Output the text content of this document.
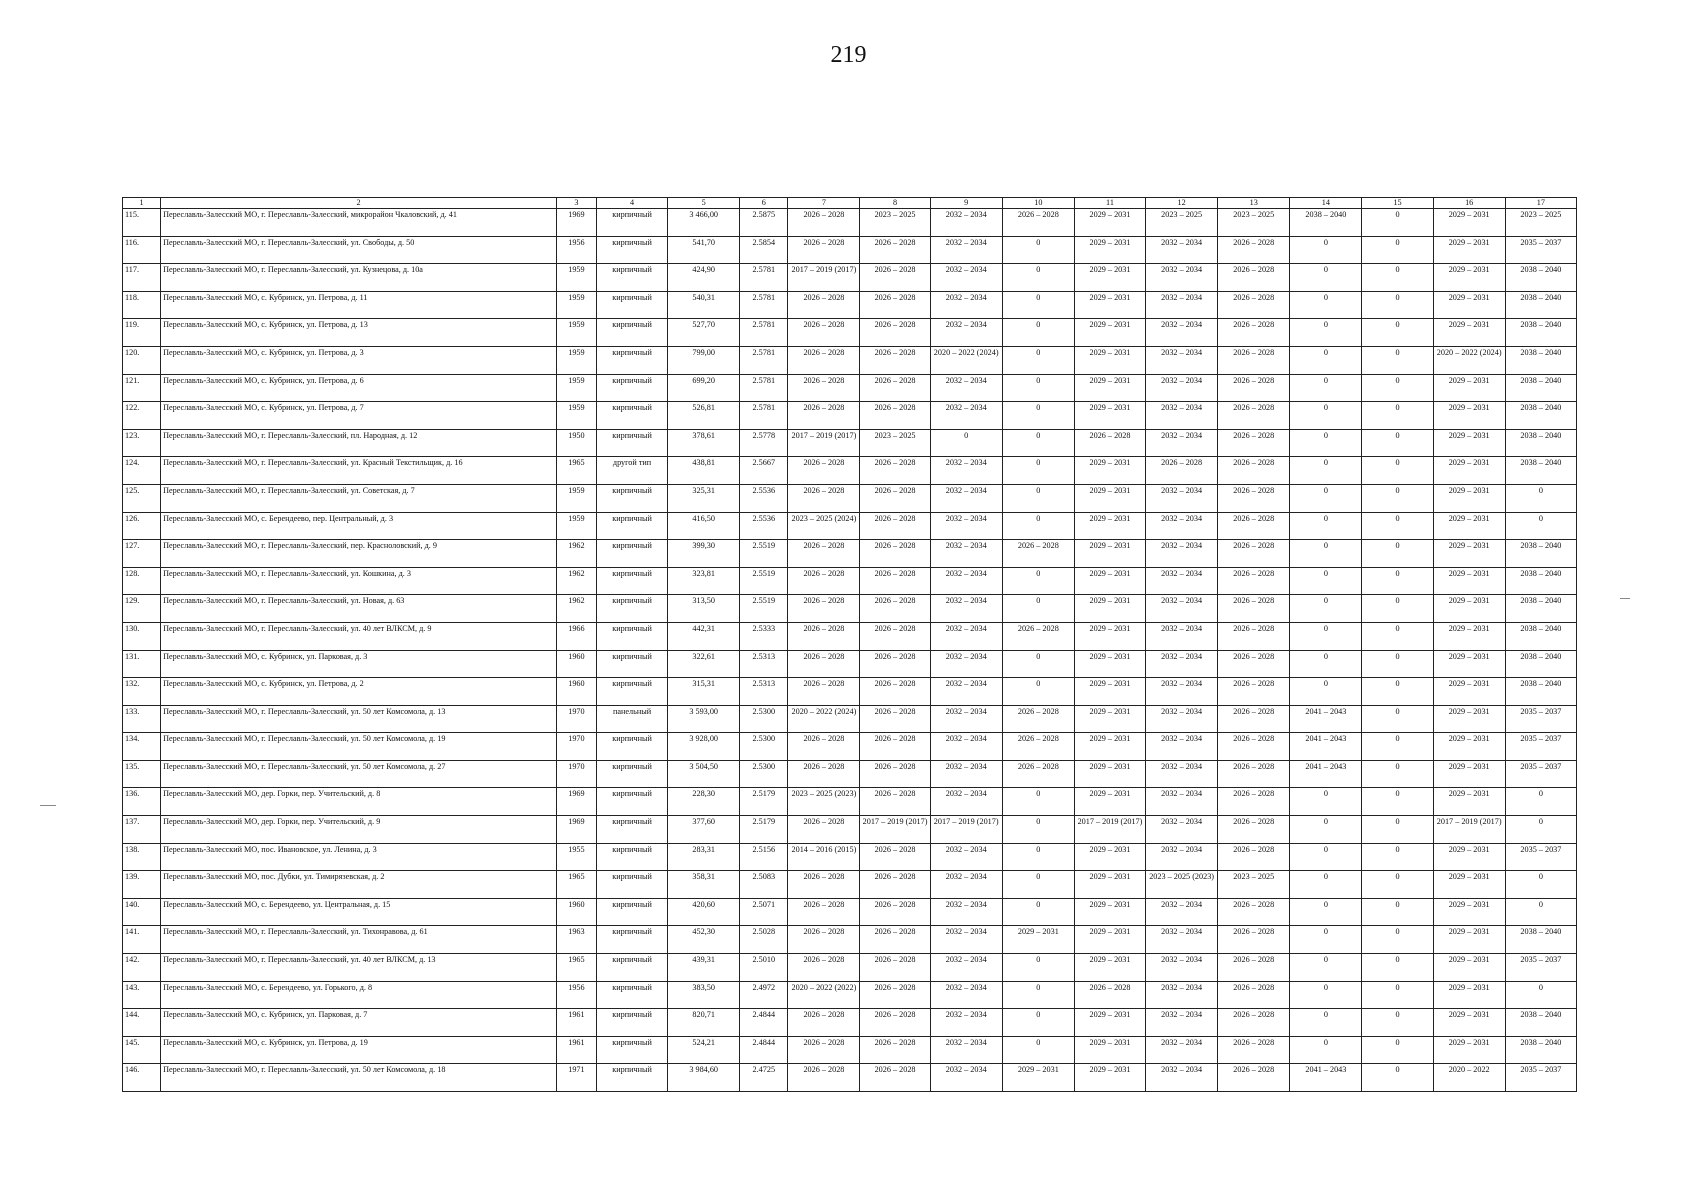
219
1	2	3	4	5	6	7	8	9	10	11	12	13	14	15	16	17
115.	Переславль-Залесский МО, г. Переславль-Залесский, микрорайон Чкаловский, д. 41	1969	кирпичный	3 466,00	2.5875	2026 – 2028	2023 – 2025	2032 – 2034	2026 – 2028	2029 – 2031	2023 – 2025	2023 – 2025	2038 – 2040	0	2029 – 2031	2023 – 2025
116.	Переславль-Залесский МО, г. Переславль-Залесский, ул. Свободы, д. 50	1956	кирпичный	541,70	2.5854	2026 – 2028	2026 – 2028	2032 – 2034	0	2029 – 2031	2032 – 2034	2026 – 2028	0	0	2029 – 2031	2035 – 2037
117.	Переславль-Залесский МО, г. Переславль-Залесский, ул. Кузнецова, д. 10а	1959	кирпичный	424,90	2.5781	2017 – 2019 (2017)	2026 – 2028	2032 – 2034	0	2029 – 2031	2032 – 2034	2026 – 2028	0	0	2029 – 2031	2038 – 2040
118.	Переславль-Залесский МО, с. Кубринск, ул. Петрова, д. 11	1959	кирпичный	540,31	2.5781	2026 – 2028	2026 – 2028	2032 – 2034	0	2029 – 2031	2032 – 2034	2026 – 2028	0	0	2029 – 2031	2038 – 2040
119.	Переславль-Залесский МО, с. Кубринск, ул. Петрова, д. 13	1959	кирпичный	527,70	2.5781	2026 – 2028	2026 – 2028	2032 – 2034	0	2029 – 2031	2032 – 2034	2026 – 2028	0	0	2029 – 2031	2038 – 2040
120.	Переславль-Залесский МО, с. Кубринск, ул. Петрова, д. 3	1959	кирпичный	799,00	2.5781	2026 – 2028	2026 – 2028	2020 – 2022 (2024)	0	2029 – 2031	2032 – 2034	2026 – 2028	0	0	2020 – 2022 (2024)	2038 – 2040
121.	Переславль-Залесский МО, с. Кубринск, ул. Петрова, д. 6	1959	кирпичный	699,20	2.5781	2026 – 2028	2026 – 2028	2032 – 2034	0	2029 – 2031	2032 – 2034	2026 – 2028	0	0	2029 – 2031	2038 – 2040
122.	Переславль-Залесский МО, с. Кубринск, ул. Петрова, д. 7	1959	кирпичный	526,81	2.5781	2026 – 2028	2026 – 2028	2032 – 2034	0	2029 – 2031	2032 – 2034	2026 – 2028	0	0	2029 – 2031	2038 – 2040
123.	Переславль-Залесский МО, г. Переславль-Залесский, пл. Народная, д. 12	1950	кирпичный	378,61	2.5778	2017 – 2019 (2017)	2023 – 2025	0	0	2026 – 2028	2032 – 2034	2026 – 2028	0	0	2029 – 2031	2038 – 2040
124.	Переславль-Залесский МО, г. Переславль-Залесский, ул. Красный Текстильщик, д. 16	1965	другой тип	438,81	2.5667	2026 – 2028	2026 – 2028	2032 – 2034	0	2029 – 2031	2026 – 2028	2026 – 2028	0	0	2029 – 2031	2038 – 2040
125.	Переславль-Залесский МО, г. Переславль-Залесский, ул. Советская, д. 7	1959	кирпичный	325,31	2.5536	2026 – 2028	2026 – 2028	2032 – 2034	0	2029 – 2031	2032 – 2034	2026 – 2028	0	0	2029 – 2031	0
126.	Переславль-Залесский МО, с. Берендеево, пер. Центральный, д. 3	1959	кирпичный	416,50	2.5536	2023 – 2025 (2024)	2026 – 2028	2032 – 2034	0	2029 – 2031	2032 – 2034	2026 – 2028	0	0	2029 – 2031	0
127.	Переславль-Залесский МО, г. Переславль-Залесский, пер. Красноловский, д. 9	1962	кирпичный	399,30	2.5519	2026 – 2028	2026 – 2028	2032 – 2034	2026 – 2028	2029 – 2031	2032 – 2034	2026 – 2028	0	0	2029 – 2031	2038 – 2040
128.	Переславль-Залесский МО, г. Переславль-Залесский, ул. Кошкина, д. 3	1962	кирпичный	323,81	2.5519	2026 – 2028	2026 – 2028	2032 – 2034	0	2029 – 2031	2032 – 2034	2026 – 2028	0	0	2029 – 2031	2038 – 2040
129.	Переславль-Залесский МО, г. Переславль-Залесский, ул. Новая, д. 63	1962	кирпичный	313,50	2.5519	2026 – 2028	2026 – 2028	2032 – 2034	0	2029 – 2031	2032 – 2034	2026 – 2028	0	0	2029 – 2031	2038 – 2040
130.	Переславль-Залесский МО, г. Переславль-Залесский, ул. 40 лет ВЛКСМ, д. 9	1966	кирпичный	442,31	2.5333	2026 – 2028	2026 – 2028	2032 – 2034	2026 – 2028	2029 – 2031	2032 – 2034	2026 – 2028	0	0	2029 – 2031	2038 – 2040
131.	Переславль-Залесский МО, с. Кубринск, ул. Парковая, д. 3	1960	кирпичный	322,61	2.5313	2026 – 2028	2026 – 2028	2032 – 2034	0	2029 – 2031	2032 – 2034	2026 – 2028	0	0	2029 – 2031	2038 – 2040
132.	Переславль-Залесский МО, с. Кубринск, ул. Петрова, д. 2	1960	кирпичный	315,31	2.5313	2026 – 2028	2026 – 2028	2032 – 2034	0	2029 – 2031	2032 – 2034	2026 – 2028	0	0	2029 – 2031	2038 – 2040
133.	Переславль-Залесский МО, г. Переславль-Залесский, ул. 50 лет Комсомола, д. 13	1970	панельный	3 593,00	2.5300	2020 – 2022 (2024)	2026 – 2028	2032 – 2034	2026 – 2028	2029 – 2031	2032 – 2034	2026 – 2028	2041 – 2043	0	2029 – 2031	2035 – 2037
134.	Переславль-Залесский МО, г. Переславль-Залесский, ул. 50 лет Комсомола, д. 19	1970	кирпичный	3 928,00	2.5300	2026 – 2028	2026 – 2028	2032 – 2034	2026 – 2028	2029 – 2031	2032 – 2034	2026 – 2028	2041 – 2043	0	2029 – 2031	2035 – 2037
135.	Переславль-Залесский МО, г. Переславль-Залесский, ул. 50 лет Комсомола, д. 27	1970	кирпичный	3 504,50	2.5300	2026 – 2028	2026 – 2028	2032 – 2034	2026 – 2028	2029 – 2031	2032 – 2034	2026 – 2028	2041 – 2043	0	2029 – 2031	2035 – 2037
136.	Переславль-Залесский МО, дер. Горки, пер. Учительский, д. 8	1969	кирпичный	228,30	2.5179	2023 – 2025 (2023)	2026 – 2028	2032 – 2034	0	2029 – 2031	2032 – 2034	2026 – 2028	0	0	2029 – 2031	0
137.	Переславль-Залесский МО, дер. Горки, пер. Учительский, д. 9	1969	кирпичный	377,60	2.5179	2026 – 2028	2017 – 2019 (2017)	2017 – 2019 (2017)	0	2017 – 2019 (2017)	2032 – 2034	2026 – 2028	0	0	2017 – 2019 (2017)	0
138.	Переславль-Залесский МО, пос. Ивановское, ул. Ленина, д. 3	1955	кирпичный	283,31	2.5156	2014 – 2016 (2015)	2026 – 2028	2032 – 2034	0	2029 – 2031	2032 – 2034	2026 – 2028	0	0	2029 – 2031	2035 – 2037
139.	Переславль-Залесский МО, пос. Дубки, ул. Тимирязевская, д. 2	1965	кирпичный	358,31	2.5083	2026 – 2028	2026 – 2028	2032 – 2034	0	2029 – 2031	2023 – 2025 (2023)	2023 – 2025	0	0	2029 – 2031	0
140.	Переславль-Залесский МО, с. Берендеево, ул. Центральная, д. 15	1960	кирпичный	420,60	2.5071	2026 – 2028	2026 – 2028	2032 – 2034	0	2029 – 2031	2032 – 2034	2026 – 2028	0	0	2029 – 2031	0
141.	Переславль-Залесский МО, г. Переславль-Залесский, ул. Тихонравова, д. 61	1963	кирпичный	452,30	2.5028	2026 – 2028	2026 – 2028	2032 – 2034	2029 – 2031	2029 – 2031	2032 – 2034	2026 – 2028	0	0	2029 – 2031	2038 – 2040
142.	Переславль-Залесский МО, г. Переславль-Залесский, ул. 40 лет ВЛКСМ, д. 13	1965	кирпичный	439,31	2.5010	2026 – 2028	2026 – 2028	2032 – 2034	0	2029 – 2031	2032 – 2034	2026 – 2028	0	0	2029 – 2031	2035 – 2037
143.	Переславль-Залесский МО, с. Берендеево, ул. Горького, д. 8	1956	кирпичный	383,50	2.4972	2020 – 2022 (2022)	2026 – 2028	2032 – 2034	0	2026 – 2028	2032 – 2034	2026 – 2028	0	0	2029 – 2031	0
144.	Переславль-Залесский МО, с. Кубринск, ул. Парковая, д. 7	1961	кирпичный	820,71	2.4844	2026 – 2028	2026 – 2028	2032 – 2034	0	2029 – 2031	2032 – 2034	2026 – 2028	0	0	2029 – 2031	2038 – 2040
145.	Переславль-Залесский МО, с. Кубринск, ул. Петрова, д. 19	1961	кирпичный	524,21	2.4844	2026 – 2028	2026 – 2028	2032 – 2034	0	2029 – 2031	2032 – 2034	2026 – 2028	0	0	2029 – 2031	2038 – 2040
146.	Переславль-Залесский МО, г. Переславль-Залесский, ул. 50 лет Комсомола, д. 18	1971	кирпичный	3 984,60	2.4725	2026 – 2028	2026 – 2028	2032 – 2034	2029 – 2031	2029 – 2031	2032 – 2034	2026 – 2028	2041 – 2043	0	2020 – 2022	2035 – 2037
